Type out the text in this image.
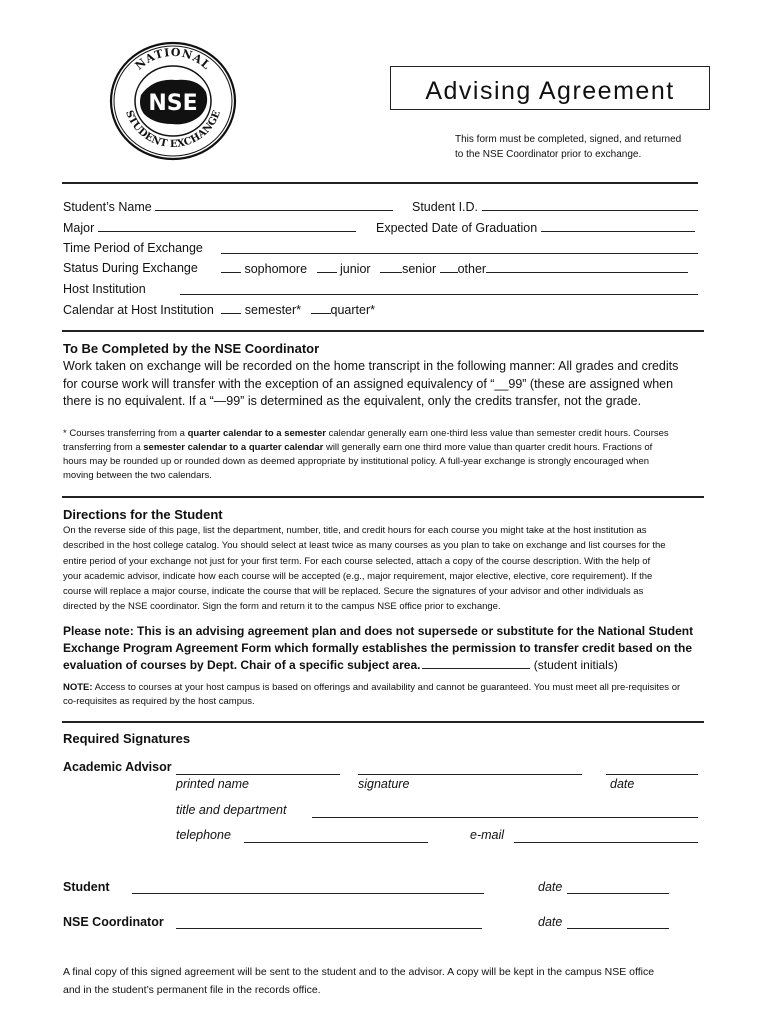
NSE
NATIONAL
STUDENT EXCHANGE
Advising Agreement
This form must be completed, signed, and returned
to the NSE Coordinator prior to exchange.
Student’s Name	Student I.D.
Major	Expected Date of Graduation
Time Period of Exchange
Status During Exchange	sophomore	junior	senior other
Host Institution
Calendar at Host Institution semester* quarter*
To Be Completed by the NSE Coordinator
Work taken on exchange will be recorded on the home transcript in the following manner: All grades and credits
for course work will transfer with the exception of an assigned equivalency of “__99” (these are assigned when
there is no equivalent. If a “—99” is determined as the equivalent, only the credits transfer, not the grade.
* Courses transferring from a quarter calendar to a semester calendar generally earn one-third less value than semester credit hours. Courses
transferring from a semester calendar to a quarter calendar will generally earn one third more value than quarter credit hours. Fractions of
hours may be rounded up or rounded down as deemed appropriate by institutional policy. A full-year exchange is strongly encouraged when
moving between the two calendars.
Directions for the Student
On the reverse side of this page, list the department, number, title, and credit hours for each course you might take at the host institution as
described in the host college catalog. You should select at least twice as many courses as you plan to take on exchange and list courses for the
entire period of your exchange not just for your first term. For each course selected, attach a copy of the course description. With the help of
your academic advisor, indicate how each course will be accepted (e.g., major requirement, major elective, elective, core requirement). If the
course will replace a major course, indicate the course that will be replaced. Secure the signatures of your advisor and other individuals as
directed by the NSE coordinator. Sign the form and return it to the campus NSE office prior to exchange.
Please note: This is an advising agreement plan and does not supersede or substitute for the National Student
Exchange Program Agreement Form which formally establishes the permission to transfer credit based on the
evaluation of courses by Dept. Chair of a specific subject area.	(student initials)
NOTE: Access to courses at your host campus is based on offerings and availability and cannot be guaranteed. You must meet all pre-requisites or
co-requisites as required by the host campus.
Required Signatures
Academic Advisor
printed name	signature	date
title and department
telephone	e-mail
Student	date
NSE Coordinator	date
A final copy of this signed agreement will be sent to the student and to the advisor. A copy will be kept in the campus NSE office
and in the student’s permanent file in the records office.
